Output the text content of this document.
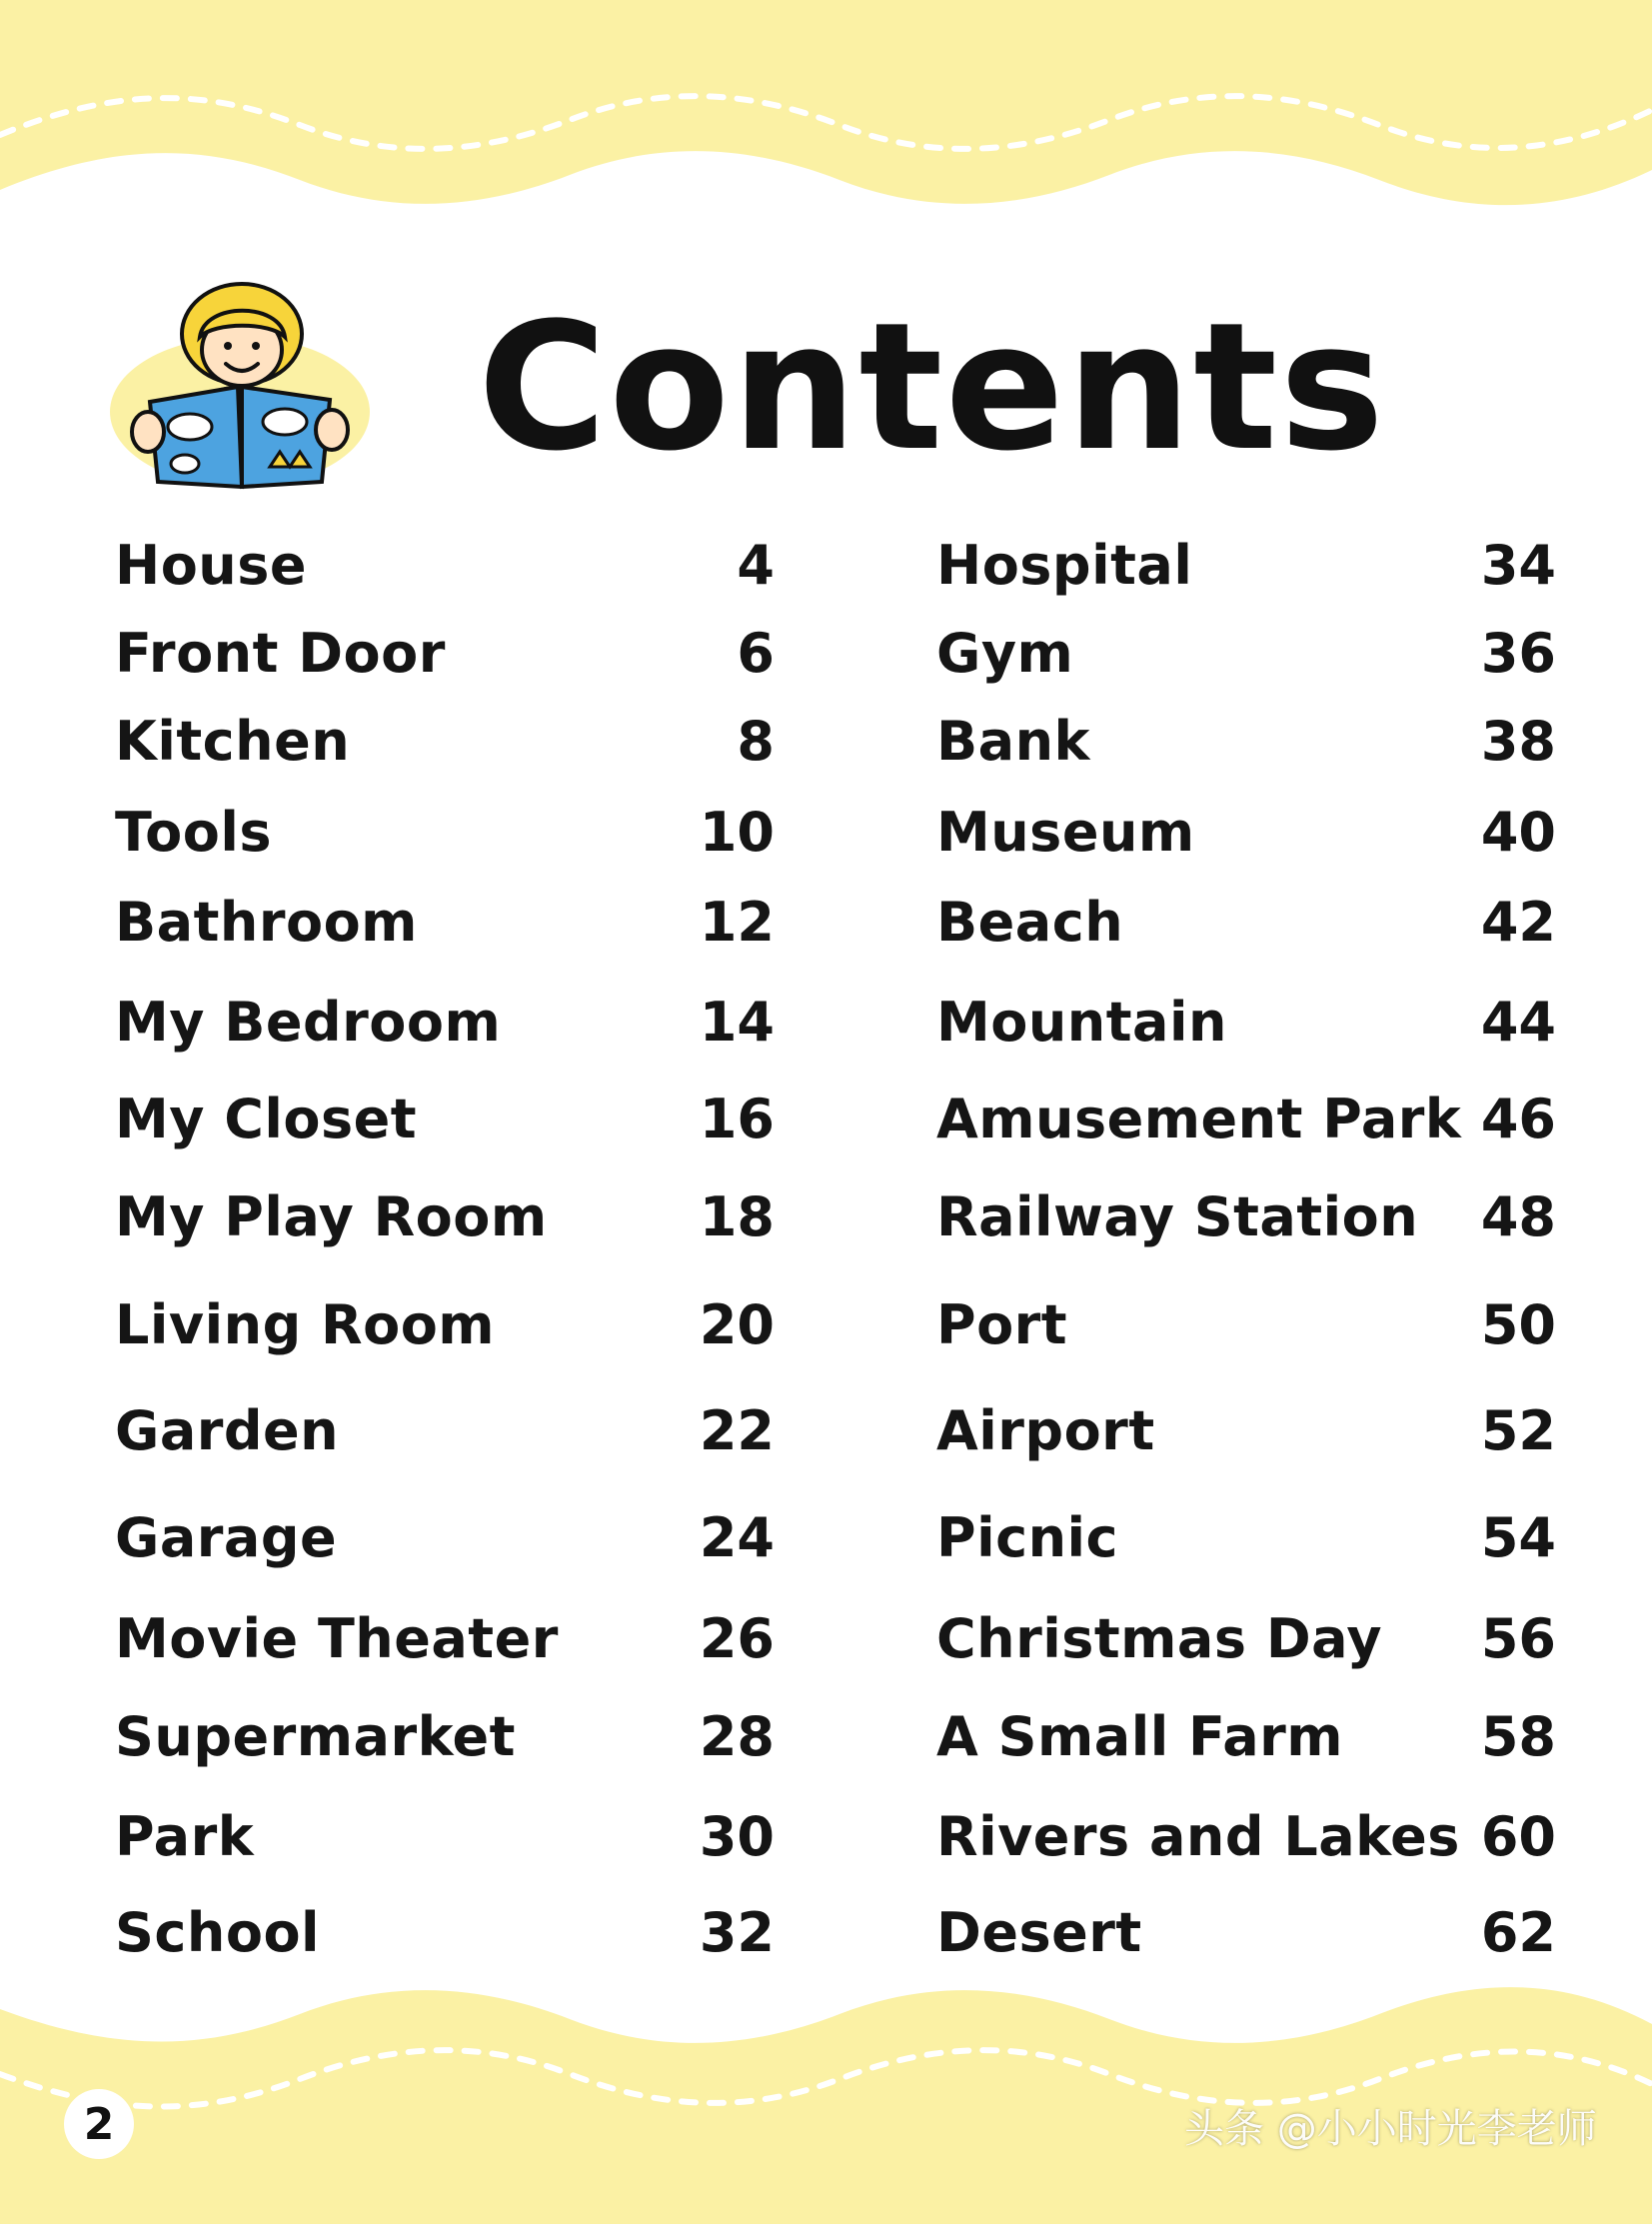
Contents
House	4
Front Door	6
Kitchen	8
Tools	10
Bathroom	12
My Bedroom	14
My Closet	16
My Play Room	18
Living Room	20
Garden	22
Garage	24
Movie Theater	26
Supermarket	28
Park	30
School	32
Hospital	34
Gym	36
Bank	38
Museum	40
Beach	42
Mountain	44
Amusement Park 46
Railway Station 48
Port	50
Airport	52
Picnic	54
Christmas Day 56
A Small Farm	58
Rivers and Lakes 60
Desert	62
2	头条 @小小时光李老师
